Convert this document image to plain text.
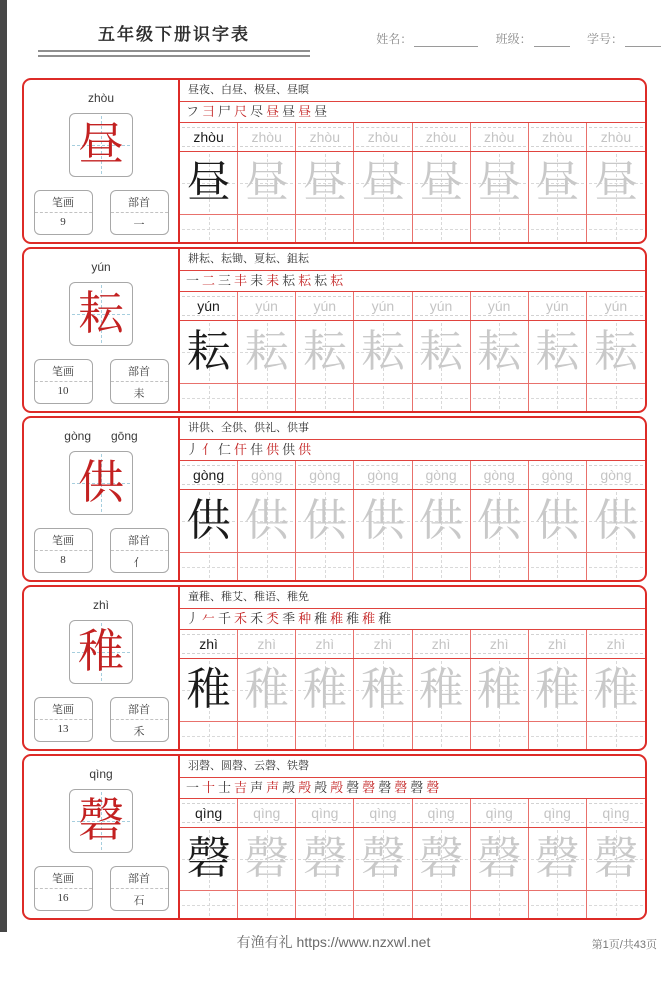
五年级下册识字表	姓名：	班级：	学号：
zhòu
昼
笔画
9
部首
一
昼夜、白昼、极昼、昼暝
フ ⺕ 尸 尺 尽 昼 昼 昼 昼
zhòu zhòu zhòu zhòu zhòu zhòu zhòu zhòu
昼 昼 昼 昼 昼 昼 昼 昼
yún
耘
笔画
10
部首
耒
耕耘、耘锄、夏耘、鉏耘
一 二 三 丰 耒 耒 耘 耘 耘 耘
yún	yún	yún	yún	yún	yún	yún	yún
耘 耘 耘 耘 耘 耘 耘 耘
gòng gōng
供
笔画
8
部首
亻
讲供、全供、供礼、供事
丿 亻 仁 仠 仹 供 供 供
gòng gòng gòng gòng gòng gòng gòng gòng
供 供 供 供 供 供 供 供
zhì
稚
笔画
13
部首
禾
童稚、稚艾、稚语、稚免
丿 𠂉 千 禾 禾 秂 秊 种 稚 稚 稚 稚 稚
zhì	zhì	zhì	zhì	zhì	zhì	zhì	zhì
稚 稚 稚 稚 稚 稚 稚 稚
qìng
磬
笔画
16
部首
石
羽磬、圆磬、云磬、铁磬
一 十 士 吉 声 声 殸 殸 殸 殸 磬 磬 磬 磬 磬 磬
qìng qìng qìng qìng qìng qìng qìng qìng
磬 磬 磬 磬 磬 磬 磬 磬
有渔有礼 https://www.nzxwl.net	第1页/共43页
